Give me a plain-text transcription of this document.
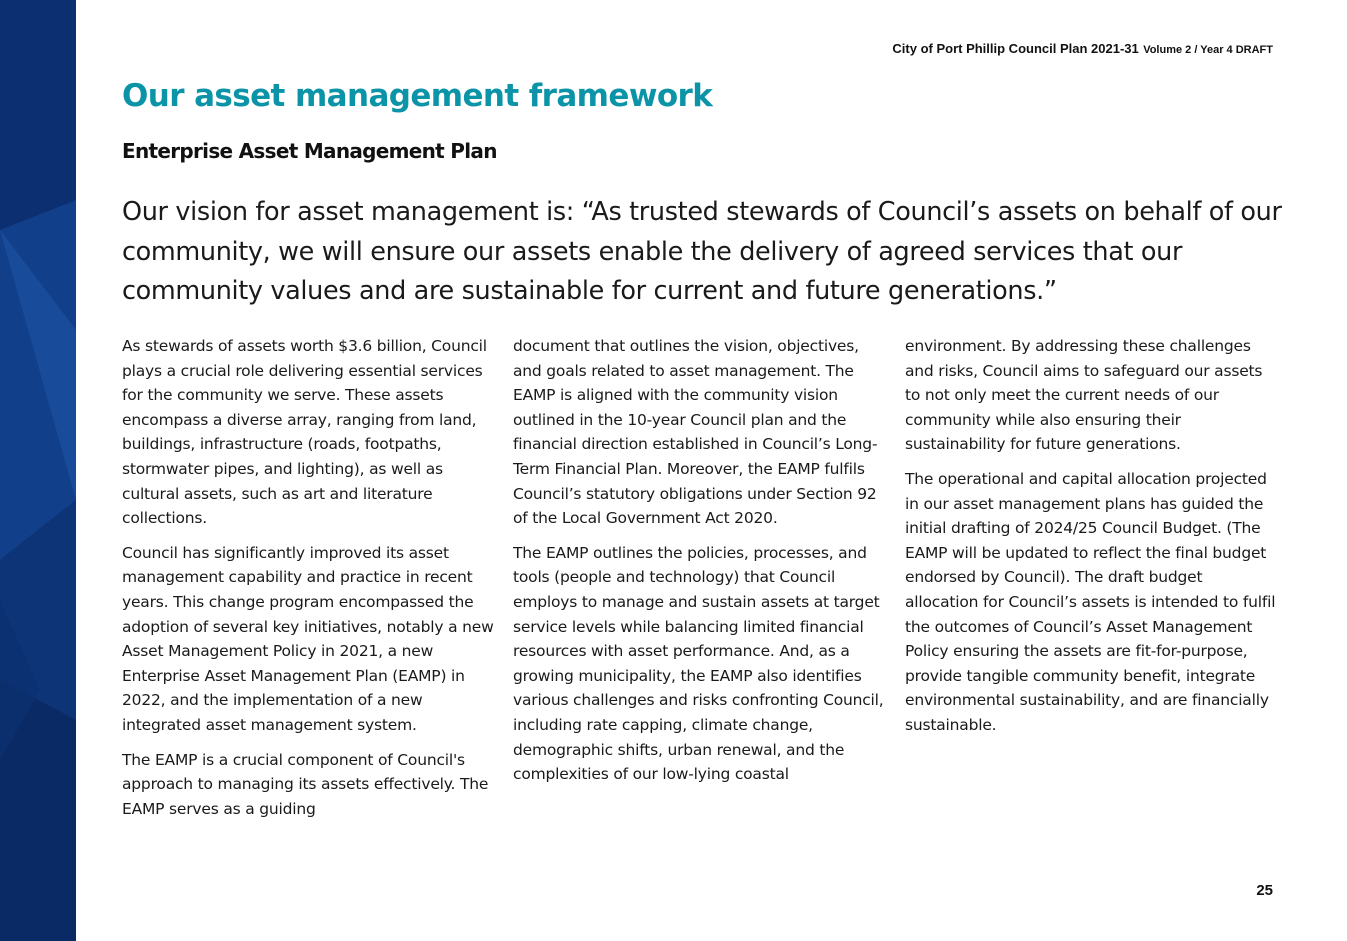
City of Port Phillip Council Plan 2021-31 Volume 2 / Year 4 DRAFT
Our asset management framework
Enterprise Asset Management Plan

Our vision for asset management is: “As trusted stewards of Council’s assets on behalf of our community, we will ensure our assets enable the delivery of agreed services that our community values and are sustainable for current and future generations.”

As stewards of assets worth $3.6 billion, Council plays a crucial role delivering essential services for the community we serve. These assets encompass a diverse array, ranging from land, buildings, infrastructure (roads, footpaths, stormwater pipes, and lighting), as well as cultural assets, such as art and literature collections.

Council has significantly improved its asset management capability and practice in recent years. This change program encompassed the adoption of several key initiatives, notably a new Asset Management Policy in 2021, a new Enterprise Asset Management Plan (EAMP) in 2022, and the implementation of a new integrated asset management system.

The EAMP is a crucial component of Council's approach to managing its assets effectively. The EAMP serves as a guiding

document that outlines the vision, objectives, and goals related to asset management. The EAMP is aligned with the community vision outlined in the 10-year Council plan and the financial direction established in Council’s Long-Term Financial Plan. Moreover, the EAMP fulfils Council’s statutory obligations under Section 92 of the Local Government Act 2020.

The EAMP outlines the policies, processes, and tools (people and technology) that Council employs to manage and sustain assets at target service levels while balancing limited financial resources with asset performance. And, as a growing municipality, the EAMP also identifies various challenges and risks confronting Council, including rate capping, climate change, demographic shifts, urban renewal, and the complexities of our low-lying coastal

environment. By addressing these challenges and risks, Council aims to safeguard our assets to not only meet the current needs of our community while also ensuring their sustainability for future generations.

The operational and capital allocation projected in our asset management plans has guided the initial drafting of 2024/25 Council Budget. (The EAMP will be updated to reflect the final budget endorsed by Council). The draft budget allocation for Council’s assets is intended to fulfil the outcomes of Council’s Asset Management Policy ensuring the assets are fit-for-purpose, provide tangible community benefit, integrate environmental sustainability, and are financially sustainable.

25
